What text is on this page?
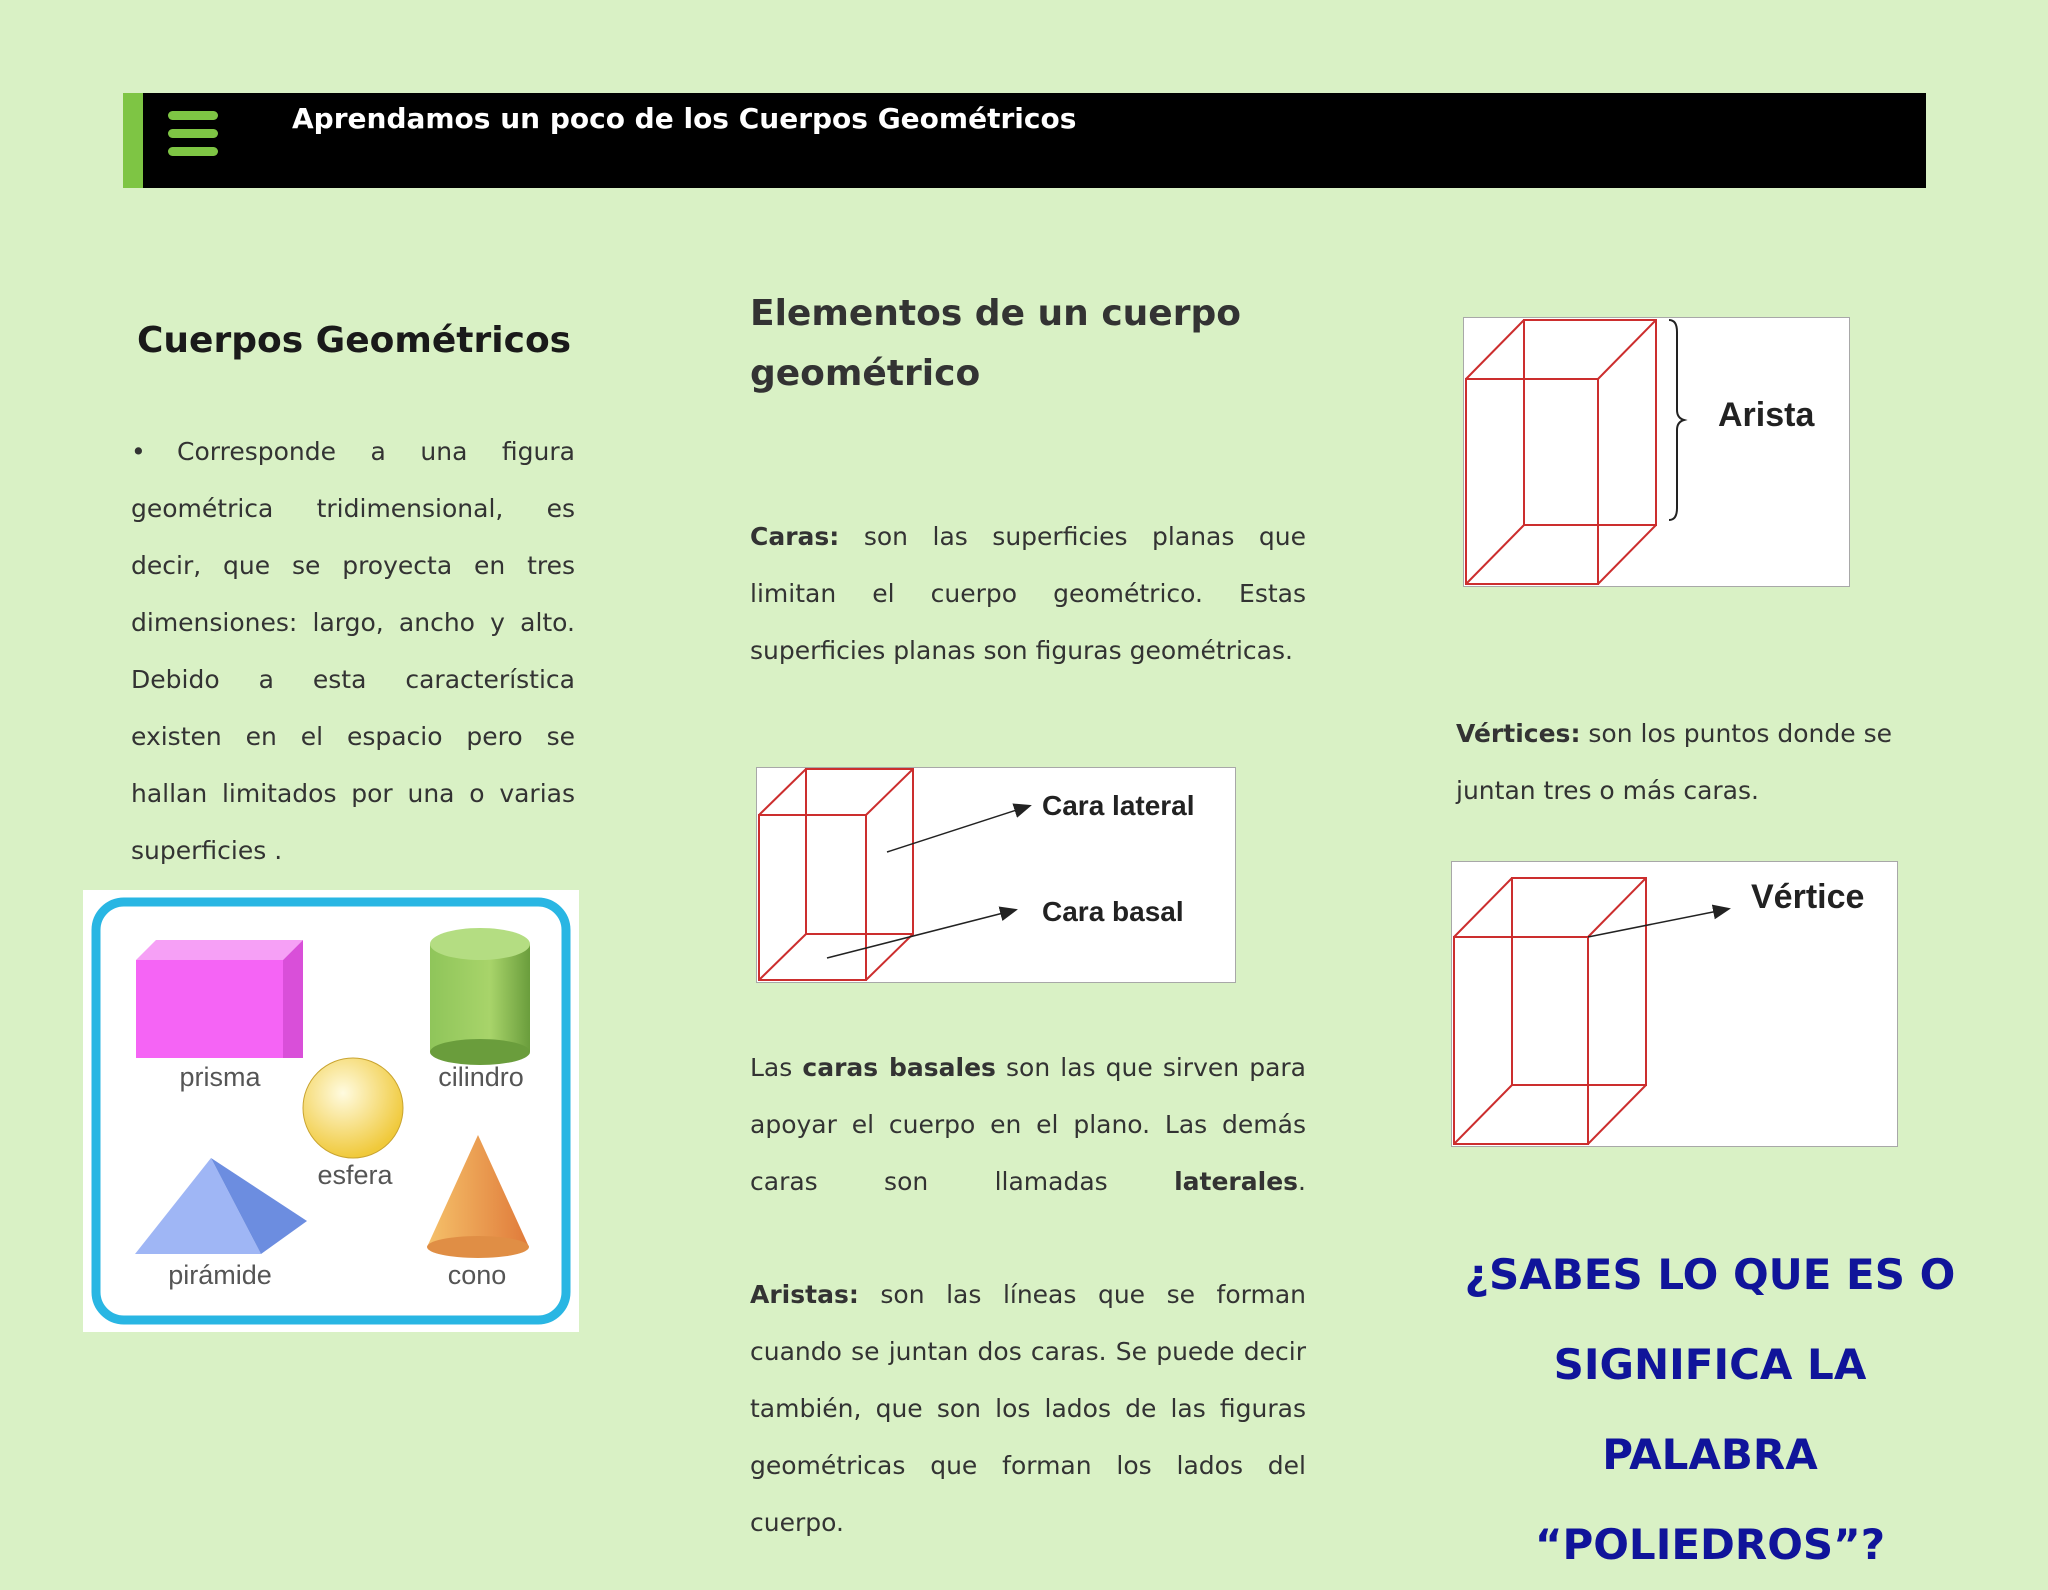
Aprendamos un poco de los Cuerpos Geométricos
Cuerpos Geométricos
• Corresponde a una figura geométrica tridimensional, es decir, que se proyecta en tres dimensiones: largo, ancho y alto. Debido a esta característica existen en el espacio pero se hallan limitados por una o varias superficies .
prisma	cilindro
esfera
pirámide	cono
Elementos de un cuerpo geométrico
Caras: son las superficies planas que limitan el cuerpo geométrico. Estas superficies planas son figuras geométricas.
Cara lateral
Cara basal
Las caras basales son las que sirven para apoyar el cuerpo en el plano. Las demás caras son llamadas	laterales.
Aristas: son las líneas que se forman cuando se juntan dos caras. Se puede decir también, que son los lados de las figuras geométricas que forman los lados del cuerpo.
Arista
Vértices: son los puntos donde se juntan tres o más caras.
Vértice
¿SABES LO QUE ES O SIGNIFICA LA PALABRA “POLIEDROS”?
